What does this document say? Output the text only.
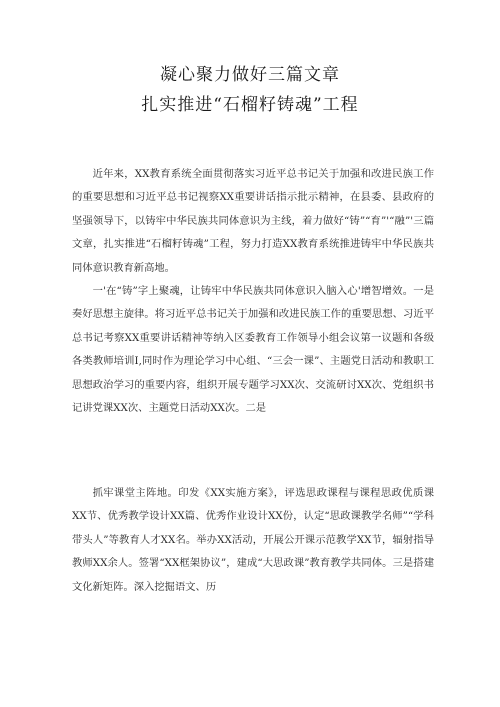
凝心聚力做好三篇文章
扎实推进“石榴籽铸魂”工程

近年来，XX教育系统全面贯彻落实习近平总书记关于加强和改进民族工作的重要思想和习近平总书记视察XX重要讲话指示批示精神，在县委、县政府的坚强领导下，以铸牢中华民族共同体意识为主线，着力做好“铸”“育”'“融”'三篇文章，扎实推进“石榴籽铸魂”工程，努力打造XX教育系统推进铸牢中华民族共同体意识教育新高地。

一'在“铸”字上聚魂，让铸牢中华民族共同体意识入脑入心'增智增效。一是奏好思想主旋律。将习近平总书记关于加强和改进民族工作的重要思想、习近平总书记考察XX重要讲话精神等纳入区委教育工作领导小组会议第一议题和各级各类教师培训I,同时作为理论学习中心组、“三会一课”、主题党日活动和教职工思想政治学习的重要内容，组织开展专题学习XX次、交流研讨XX次、党组织书记讲党课XX次、主题党日活动XX次。二是

抓牢课堂主阵地。印发《XX实施方案》，评选思政课程与课程思政优质课XX节、优秀教学设计XX篇、优秀作业设计XX份，认定“思政课教学名师”“学科带头人”等教育人才XX名。举办XX活动，开展公开课示范教学XX节，辐射指导教师XX余人。签署“XX框架协议”，建成“大思政课”教育教学共同体。三是搭建文化新矩阵。深入挖掘语文、历
